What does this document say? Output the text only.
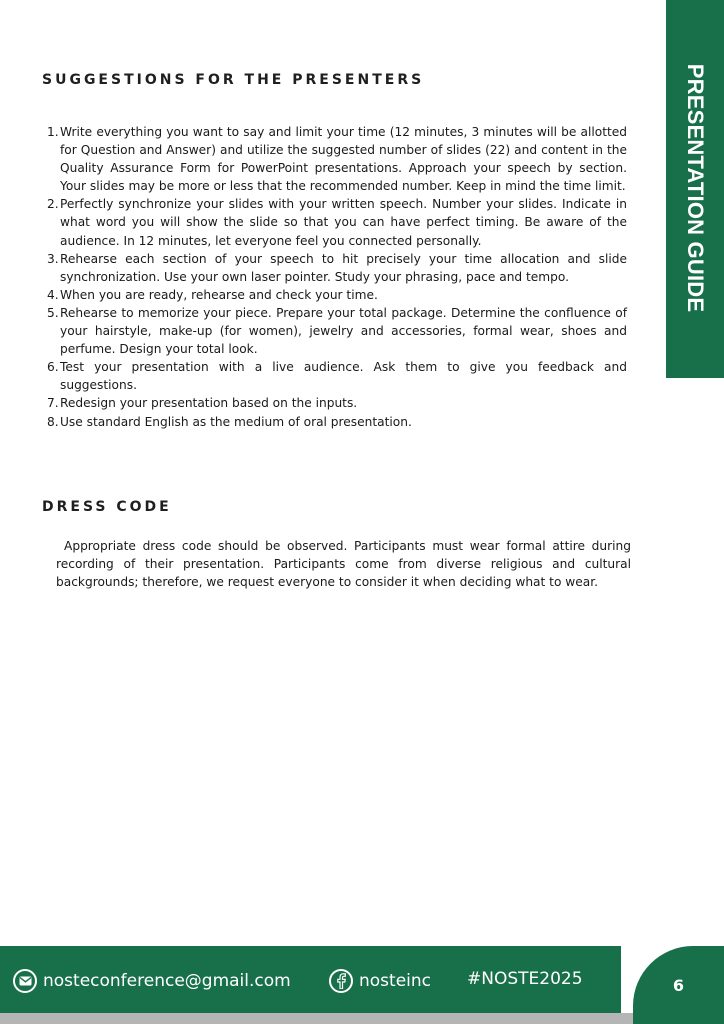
PRESENTATION GUIDE
SUGGESTIONS FOR THE PRESENTERS
1. Write everything you want to say and limit your time (12 minutes, 3 minutes will be allotted for Question and Answer) and utilize the suggested number of slides (22) and content in the Quality Assurance Form for PowerPoint presentations. Approach your speech by section. Your slides may be more or less that the recommended number. Keep in mind the time limit.
2. Perfectly synchronize your slides with your written speech. Number your slides. Indicate in what word you will show the slide so that you can have perfect timing. Be aware of the audience. In 12 minutes, let everyone feel you connected personally.
3. Rehearse each section of your speech to hit precisely your time allocation and slide synchronization. Use your own laser pointer. Study your phrasing, pace and tempo.
4. When you are ready, rehearse and check your time.
5. Rehearse to memorize your piece. Prepare your total package. Determine the confluence of your hairstyle, make-up (for women), jewelry and accessories, formal wear, shoes and perfume. Design your total look.
6. Test your presentation with a live audience. Ask them to give you feedback and suggestions.
7. Redesign your presentation based on the inputs.
8. Use standard English as the medium of oral presentation.
DRESS CODE

Appropriate dress code should be observed. Participants must wear formal attire during recording of their presentation. Participants come from diverse religious and cultural backgrounds; therefore, we request everyone to consider it when deciding what to wear.

nosteconference@gmail.com	nosteinc #NOSTE2025	6
